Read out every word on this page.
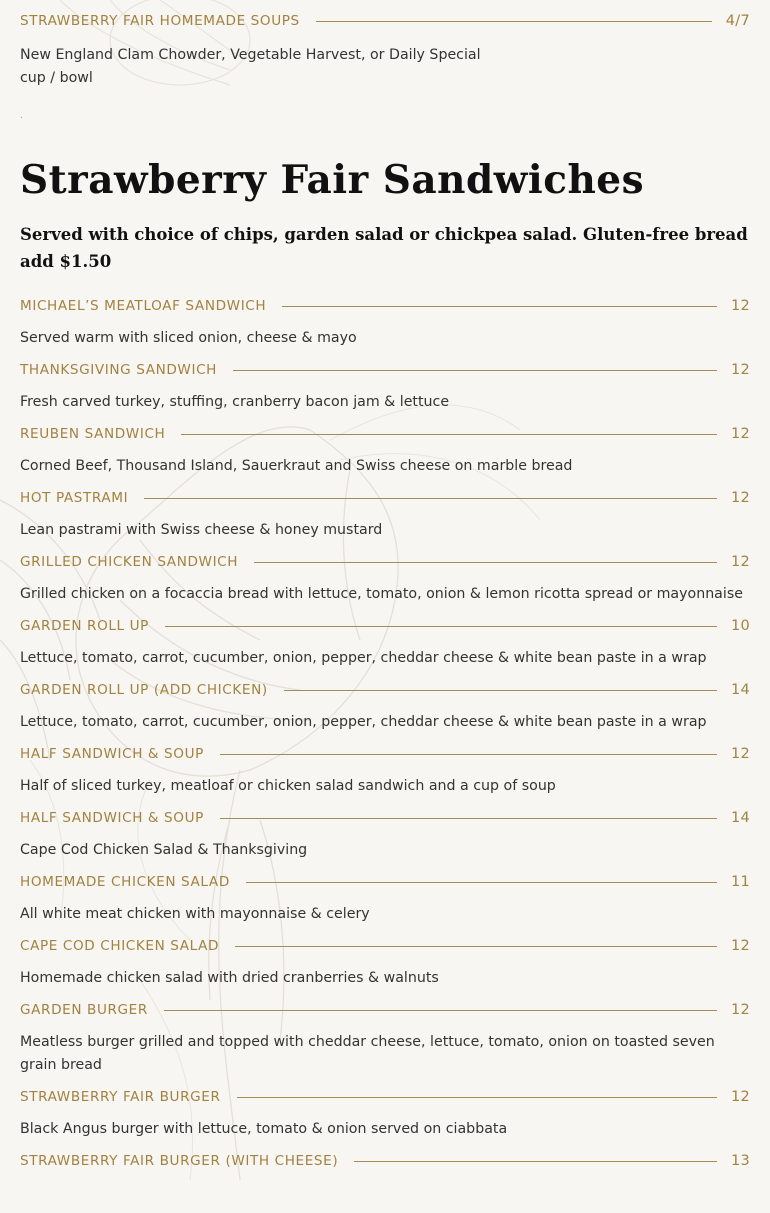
STRAWBERRY FAIR HOMEMADE SOUPS	4/7
New England Clam Chowder, Vegetable Harvest, or Daily Special
cup / bowl
.
Strawberry Fair Sandwiches
Served with choice of chips, garden salad or chickpea salad. Gluten-free bread add $1.50
MICHAEL’S MEATLOAF SANDWICH	12
Served warm with sliced onion, cheese & mayo
THANKSGIVING SANDWICH	12
Fresh carved turkey, stuffing, cranberry bacon jam & lettuce
REUBEN SANDWICH	12
Corned Beef, Thousand Island, Sauerkraut and Swiss cheese on marble bread
HOT PASTRAMI	12
Lean pastrami with Swiss cheese & honey mustard
GRILLED CHICKEN SANDWICH	12
Grilled chicken on a focaccia bread with lettuce, tomato, onion & lemon ricotta spread or mayonnaise
GARDEN ROLL UP	10
Lettuce, tomato, carrot, cucumber, onion, pepper, cheddar cheese & white bean paste in a wrap
GARDEN ROLL UP (ADD CHICKEN)	14
Lettuce, tomato, carrot, cucumber, onion, pepper, cheddar cheese & white bean paste in a wrap
HALF SANDWICH & SOUP	12
Half of sliced turkey, meatloaf or chicken salad sandwich and a cup of soup
HALF SANDWICH & SOUP	14
Cape Cod Chicken Salad & Thanksgiving
HOMEMADE CHICKEN SALAD	11
All white meat chicken with mayonnaise & celery
CAPE COD CHICKEN SALAD	12
Homemade chicken salad with dried cranberries & walnuts
GARDEN BURGER	12
Meatless burger grilled and topped with cheddar cheese, lettuce, tomato, onion on toasted seven grain bread
STRAWBERRY FAIR BURGER	12
Black Angus burger with lettuce, tomato & onion served on ciabbata
STRAWBERRY FAIR BURGER (WITH CHEESE)	13
